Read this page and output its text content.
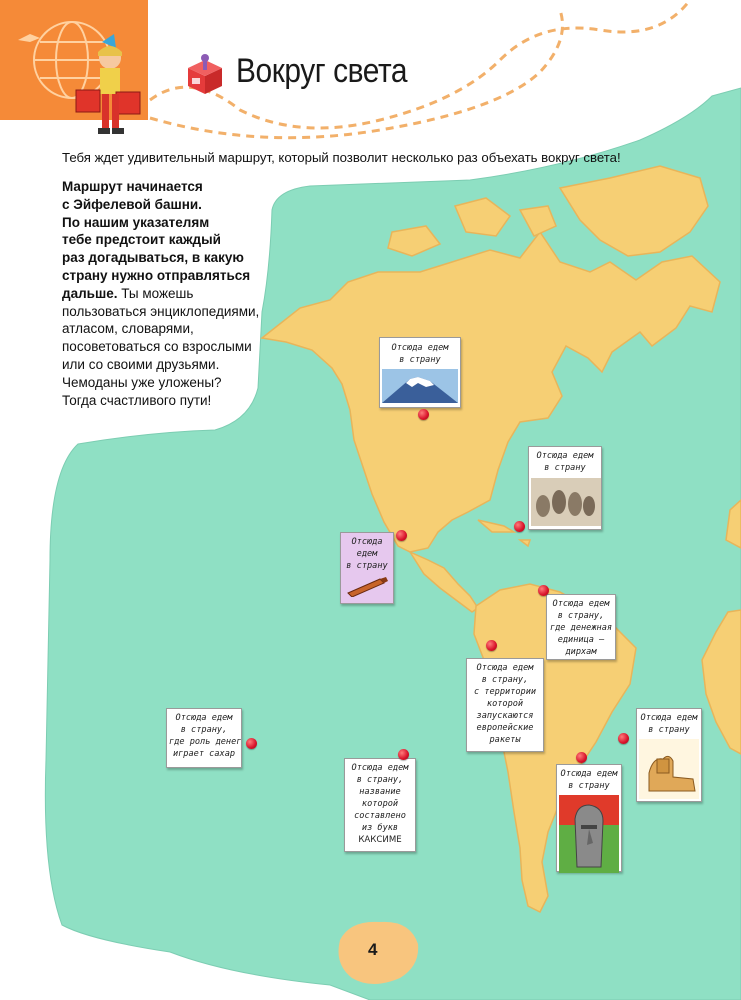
Вокруг света
Тебя ждет удивительный маршрут, который позволит несколько раз объехать вокруг света!
Маршрут начинается
с Эйфелевой башни.
По нашим указателям
тебе предстоит каждый
раз догадываться, в какую
страну нужно отправляться
дальше. Ты можешь
пользоваться энциклопедиями,
атласом, словарями,
посоветоваться со взрослыми
или со своими друзьями.
Чемоданы уже уложены?
Тогда счастливого пути!
Отсюда едем
в страну
Отсюда едем
в страну
Отсюда
едем
в страну
Отсюда едем
в страну,
где денежная
единица –
дирхам
Отсюда едем
в страну,
с территории
которой
запускаются
европейские
ракеты
Отсюда едем
в страну,
где роль денег
играет сахар
Отсюда едем
в страну,
название
которой
составлено
из букв
КАКСИМЕ
Отсюда едем
в страну
Отсюда едем
в страну
4
